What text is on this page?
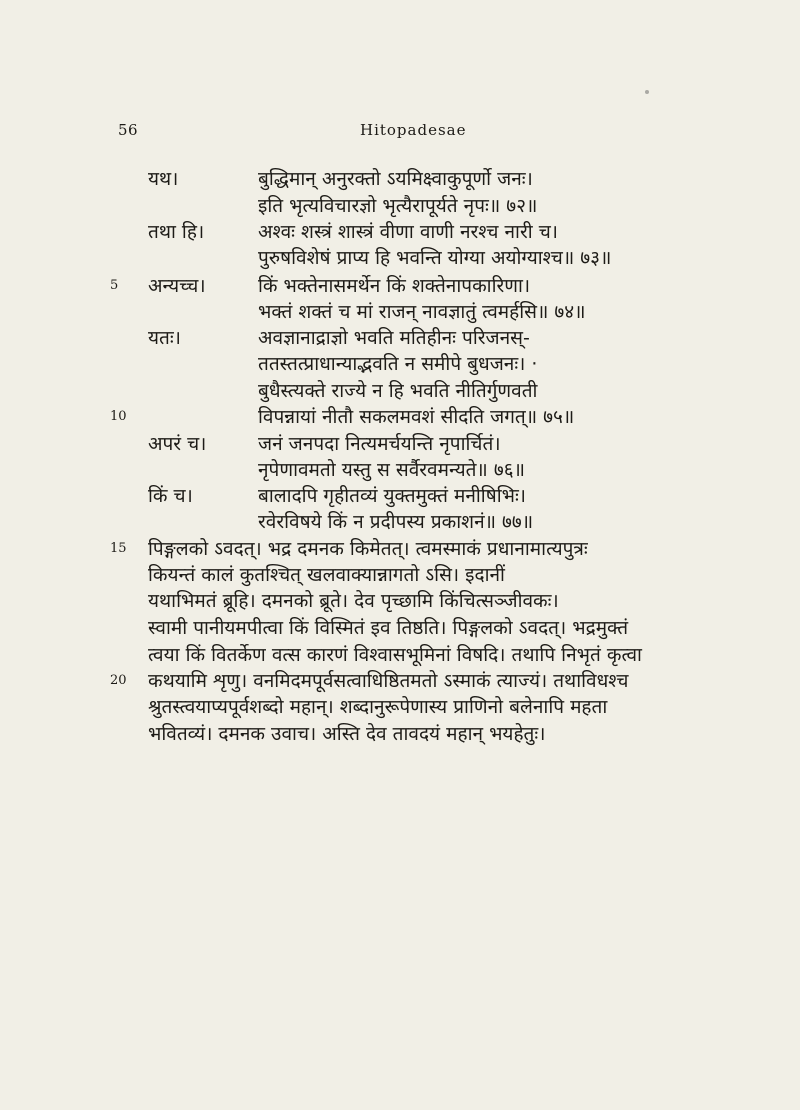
56	Hitopadesae
यथ।	बुद्धिमान् अनुरक्तो ऽयमिक्ष्वाकुपूर्णो जनः।
इति भृत्यविचारज्ञो भृत्यैरापूर्यते नृपः॥ ७२॥
तथा हि।	अश्वः शस्त्रं शास्त्रं वीणा वाणी नरश्च नारी च।
पुरुषविशेषं प्राप्य हि भवन्ति योग्या अयोग्याश्च॥ ७३॥
5	अन्यच्च।	किं भक्तेनासमर्थेन किं शक्तेनापकारिणा।
भक्तं शक्तं च मां राजन् नावज्ञातुं त्वमर्हसि॥ ७४॥
यतः।	अवज्ञानाद्राज्ञो भवति मतिहीनः परिजनस्-
ततस्तत्प्राधान्याद्भवति न समीपे बुधजनः। ·
बुधैस्त्यक्ते राज्ये न हि भवति नीतिर्गुणवती
10	विपन्नायां नीतौ सकलमवशं सीदति जगत्॥ ७५॥
अपरं च।	जनं जनपदा नित्यमर्चयन्ति नृपार्चितं।
नृपेणावमतो यस्तु स सर्वैरवमन्यते॥ ७६॥
किं च।	बालादपि गृहीतव्यं युक्तमुक्तं मनीषिभिः।
रवेरविषये किं न प्रदीपस्य प्रकाशनं॥ ७७॥
15	पिङ्गलको ऽवदत्। भद्र दमनक किमेतत्। त्वमस्माकं प्रधानामात्यपुत्रः
कियन्तं कालं कुतश्चित् खलवाक्यान्नागतो ऽसि। इदानीं
यथाभिमतं ब्रूहि। दमनको ब्रूते। देव पृच्छामि किंचित्सञ्जीवकः।
स्वामी पानीयमपीत्वा किं विस्मितं इव तिष्ठति। पिङ्गलको ऽवदत्। भद्रमुक्तं
त्वया किं वितर्केण वत्स कारणं विश्वासभूमिनां विषदि। तथापि निभृतं कृत्वा
20	कथयामि शृणु। वनमिदमपूर्वसत्वाधिष्ठितमतो ऽस्माकं त्याज्यं। तथाविधश्च
श्रुतस्त्वयाप्यपूर्वशब्दो महान्। शब्दानुरूपेणास्य प्राणिनो बलेनापि महता
भवितव्यं। दमनक उवाच। अस्ति देव तावदयं महान् भयहेतुः।
